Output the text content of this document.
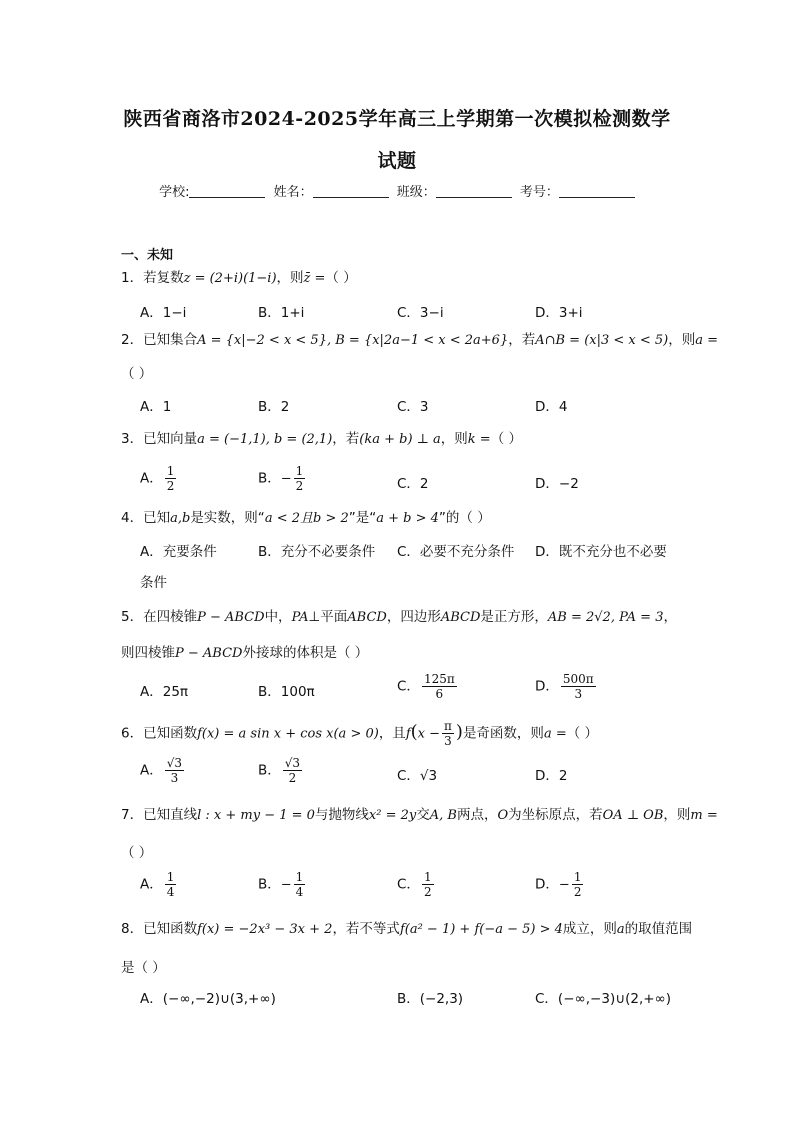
陕西省商洛市2024-2025学年高三上学期第一次模拟检测数学
试题
学校:	姓名：	班级：	考号：
一、未知
1．若复数z = (2+i)(1−i)，则z̄ =（ ）
A．1−i	B．1+i	C．3−i	D．3+i
2．已知集合A = {x|−2 < x < 5}, B = {x|2a−1 < x < 2a+6}，若A∩B = (x|3 < x < 5)，则a =
（ ）
A．1	B．2	C．3	D．4
3．已知向量a = (−1,1), b = (2,1)，若(ka + b) ⊥ a，则k =（ ）
A． $\frac{1}{2}$	B．− $\frac{1}{2}$	C．2	D．−2
4．已知a,b是实数，则“a < 2且b > 2”是“a + b > 4”的（ ）
A．充要条件	B．充分不必要条件 C．必要不充分条件 D．既不充分也不必要
条件
5．在四棱锥P − ABCD中，PA⊥平面ABCD，四边形ABCD是正方形，AB = 2√2, PA = 3，
则四棱锥P − ABCD外接球的体积是（ ）
A．25π	B．100π	C． $\frac{125\pi}{6}$	D． $\frac{500\pi}{3}$
6．已知函数f(x) = a sin x + cos x(a > 0)，且$f(x - \frac{\pi}{3}$ )是奇函数，则a =（ ）
A． $\frac{√3}{3}$	B． $\frac{√3}{2}$	C．√3	D．2
7．已知直线l : x + my − 1 = 0与抛物线x² = 2y交A, B两点，O为坐标原点，若OA ⊥ OB，则m =
（ ）
A． $\frac{1}{4}$	B．− $\frac{1}{4}$	C． $\frac{1}{2}$	D．− $\frac{1}{2}$
8．已知函数f(x) = −2x³ − 3x + 2，若不等式f(a² − 1) + f(−a − 5) > 4成立，则a的取值范围
是（ ）
A．(−∞,−2)∪(3,+∞)	B．(−2,3)	C．(−∞,−3)∪(2,+∞)
